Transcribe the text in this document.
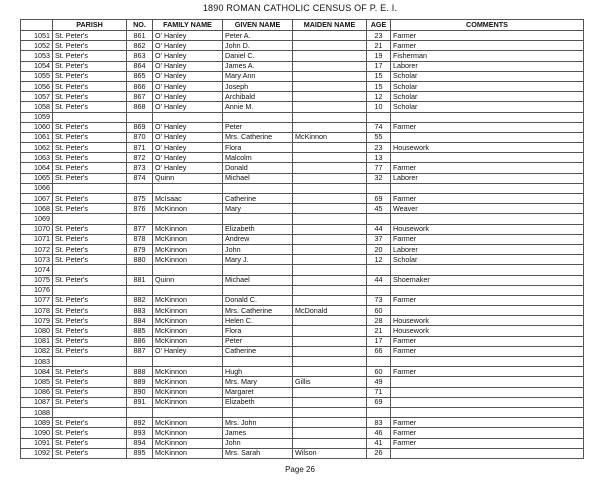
1890 ROMAN CATHOLIC CENSUS OF P. E. I.
	PARISH	NO.	FAMILY NAME	GIVEN NAME	MAIDEN NAME	AGE	COMMENTS
1051	St. Peter's	861	O' Hanley	Peter A.		23	Farmer
1052	St. Peter's	862	O' Hanley	John D.		21	Farmer
1053	St. Peter's	863	O' Hanley	Daniel C.		19	Fisherman
1054	St. Peter's	864	O' Hanley	James A.		17	Laborer
1055	St. Peter's	865	O' Hanley	Mary Ann		15	Scholar
1056	St. Peter's	866	O' Hanley	Joseph		15	Scholar
1057	St. Peter's	867	O' Hanley	Archibald		12	Scholar
1058	St. Peter's	868	O' Hanley	Annie M.		10	Scholar
1059							
1060	St. Peter's	869	O' Hanley	Peter		74	Farmer
1061	St. Peter's	870	O' Hanley	Mrs. Catherine	McKinnon	55	
1062	St. Peter's	871	O' Hanley	Flora		23	Housework
1063	St. Peter's	872	O' Hanley	Malcolm		13	
1064	St. Peter's	873	O' Hanley	Donald		77	Farmer
1065	St. Peter's	874	Quinn	Michael		32	Laborer
1066							
1067	St. Peter's	875	McIsaac	Catherine		69	Farmer
1068	St. Peter's	876	McKinnon	Mary		45	Weaver
1069							
1070	St. Peter's	877	McKinnon	Elizabeth		44	Housework
1071	St. Peter's	878	McKinnon	Andrew		37	Farmer
1072	St. Peter's	879	McKinnon	John		20	Laborer
1073	St. Peter's	880	McKinnon	Mary J.		12	Scholar
1074							
1075	St. Peter's	881	Quinn	Michael		44	Shoemaker
1076							
1077	St. Peter's	882	McKinnon	Donald C.		73	Farmer
1078	St. Peter's	883	McKinnon	Mrs. Catherine	McDonald	60	
1079	St. Peter's	884	McKinnon	Helen C.		28	Housework
1080	St. Peter's	885	McKinnon	Flora		21	Housework
1081	St. Peter's	886	McKinnon	Peter		17	Farmer
1082	St. Peter's	887	O' Hanley	Catherine		66	Farmer
1083							
1084	St. Peter's	888	McKinnon	Hugh		60	Farmer
1085	St. Peter's	889	McKinnon	Mrs. Mary	Gillis	49	
1086	St. Peter's	890	McKinnon	Margaret		71	
1087	St. Peter's	891	McKinnon	Elizabeth		69	
1088							
1089	St. Peter's	892	McKinnon	Mrs. John		83	Farmer
1090	St. Peter's	893	McKinnon	James		46	Farmer
1091	St. Peter's	894	McKinnon	John		41	Farmer
1092	St. Peter's	895	McKinnon	Mrs. Sarah	Wilson	26	
Page 26
